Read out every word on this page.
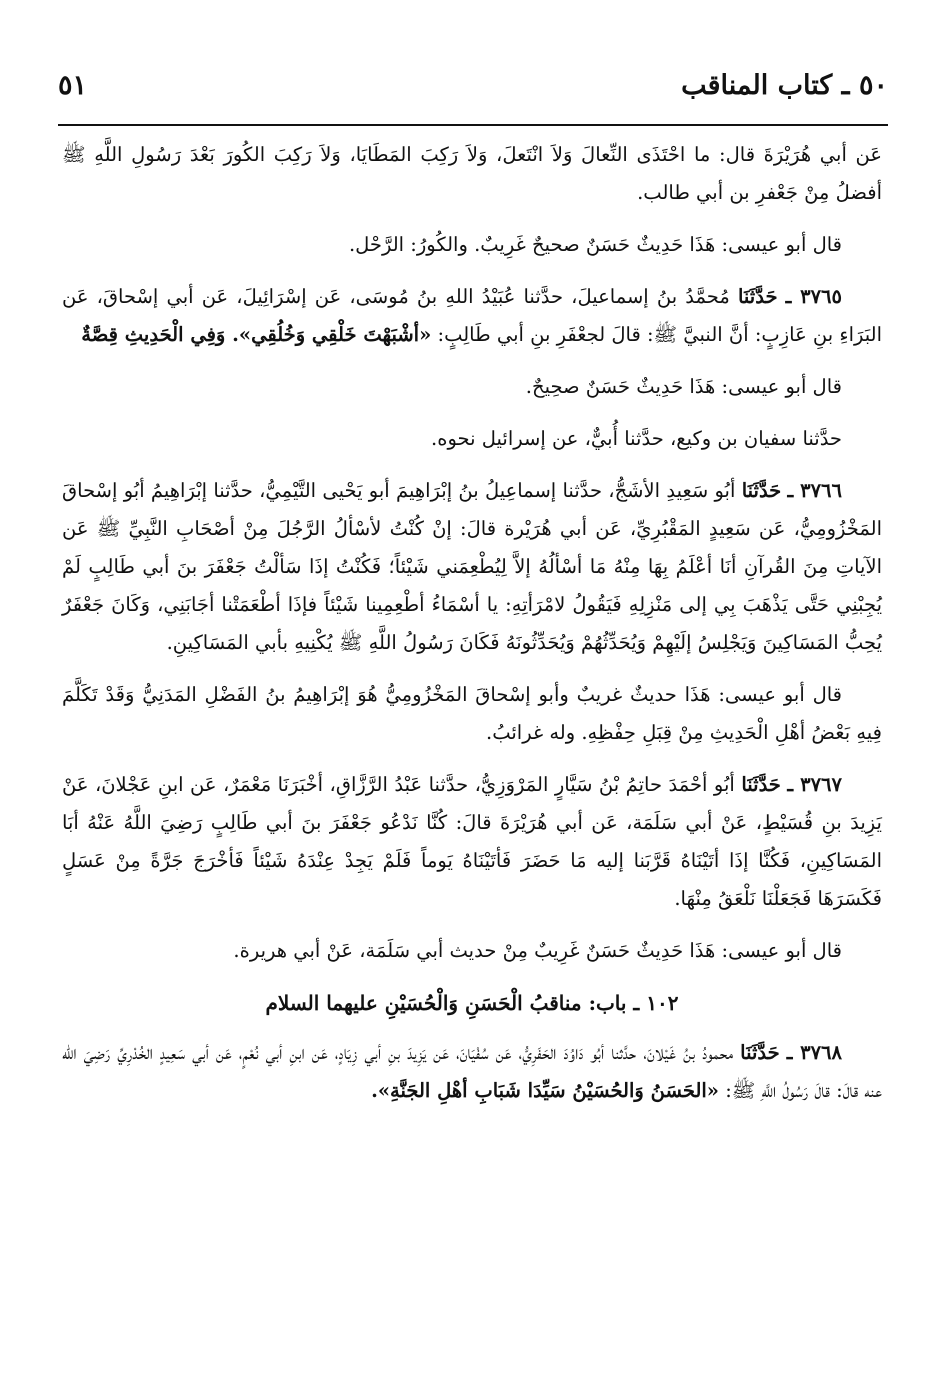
٥٠ ـ كتاب المناقب
٥١

عَن أبي هُرَيْرَةَ قال: ما احْتَذَى النِّعالَ وَلاَ انْتَعلَ، وَلاَ رَكِبَ المَطَايَا، وَلاَ رَكِبَ الكُورَ بَعْدَ رَسُولِ اللَّهِ ﷺ أفضلُ مِنْ جَعْفرِ بن أبي طالب.

قال أبو عيسى: هَذَا حَدِيثٌ حَسَنٌ صحيحٌ غَرِيبٌ. والكُورُ: الرَّحْل.

٣٧٦٥ ـ حَدَّثَنَا مُحمَّدُ بنُ إسماعيلَ، حدَّثنا عُبَيْدُ اللهِ بنُ مُوسَى، عَن إسْرَائِيلَ، عَن أبي إسْحاقَ، عَن البَرَاءِ بنِ عَازِبٍ: أنَّ النبيَّ ﷺ: قالَ لجعْفَرِ بنِ أبي طَالِبٍ: «أشْبَهْتَ خَلْقِي وَخُلُقِي». وَفِي الْحَدِيثِ قِصَّةٌ

قال أبو عيسى: هَذَا حَدِيثٌ حَسَنٌ صحِيحٌ.

حدَّثنا سفيان بن وكيع، حدَّثنا أُبيٌّ، عن إسرائيل نحوه.

٣٧٦٦ ـ حَدَّثَنَا أبُو سَعِيدِ الأشَجُّ، حدَّثنا إسماعِيلُ بنُ إبْرَاهِيمَ أبو يَحْيى التَّيْمِيُّ، حدَّثنا إبْرَاهِيمُ أبُو إسْحاقَ المَخْزُومِيُّ، عَن سَعِيدٍ المَقْبُرِيِّ، عَن أبي هُرَيْرة قالَ: إنْ كُنْتُ لأسْألُ الرَّجُلَ مِنْ أصْحَابِ النَّبِيِّ ﷺ عَن الآياتِ مِنَ القُرآنِ أنَا أعْلَمُ بِهَا مِنْهُ مَا أسْألُهُ إلاَّ لِيُطْعِمَني شَيْئاً؛ فَكُنْتُ إذَا سَألْتُ جَعْفَرَ بنَ أبي طَالِبٍ لَمْ يُجِبْنِي حَتَّى يَذْهَبَ بِي إلى مَنْزِلِهِ فَيَقُولُ لامْرَأتِهِ: يا أسْمَاءُ أطْعِمِينا شَيْئاً فإذَا أطْعَمَتْنا أجَابَنِي، وَكَانَ جَعْفَرٌ يُحِبُّ المَسَاكِينَ وَيَجْلِسُ إلَيْهِمْ وَيُحَدِّثُهُمْ وَيُحَدِّثُونَهُ فَكَانَ رَسُولُ اللَّهِ ﷺ يُكْنِيهِ بأبي المَسَاكِينِ.

قال أبو عيسى: هَذَا حديثٌ غريبٌ وأبو إسْحاقَ المَخْزُومِيُّ هُوَ إبْرَاهِيمُ بنُ الفَضْلِ المَدَنِيُّ وَقَدْ تَكَلَّمَ فِيهِ بَعْضُ أهْلِ الْحَدِيثِ مِنْ قِبَلِ حِفْظِهِ. وله غرائبُ.

٣٧٦٧ ـ حَدَّثَنَا أبُو أحْمَدَ حاتِمُ بْنُ سَيَّارٍ المَرْوَزِيُّ، حدَّثنا عَبْدُ الرَّزَّاقِ، أخْبَرَنَا مَعْمَرٌ، عَن ابنِ عَجْلانَ، عَنْ يَزِيدَ بنِ قُسَيْطٍ، عَنْ أبي سَلَمَة، عَن أبي هُرَيْرَةَ قالَ: كُنَّا نَدْعُو جَعْفَرَ بنَ أبي طَالِبٍ رَضِيَ اللَّهُ عَنْهُ أبَا المَسَاكِينِ، فَكُنَّا إذَا أتَيْنَاهُ قَرَّبَنا إليه مَا حَضَرَ فَأتَيْنَاهُ يَوماً فَلَمْ يَجِدْ عِنْدَهُ شَيْئاً فَأخْرَجَ جَرَّةً مِنْ عَسَلٍ فَكَسَرَهَا فَجَعَلْنَا نَلْعَقُ مِنْهَا.

قال أبو عيسى: هَذَا حَدِيثٌ حَسَنٌ غَرِيبٌ مِنْ حديث أبي سَلَمَة، عَنْ أبي هريرة.

١٠٢ ـ باب: مناقبُ الْحَسَنِ وَالْحُسَيْنِ عليهما السلام

٣٧٦٨ ـ حَدَّثَنَا محمودُ بنُ غَيْلانَ، حدَّثنا أبُو دَاوُدَ الحَفَرِيُّ، عَن سُفْيَانَ، عَن يَزِيدَ بنِ أبي زِيَادٍ، عَن ابنِ أبي نُعْمٍ، عَن أبي سَعِيدٍ الخُدْرِيِّ رَضِيَ الله عنه قالَ: قالَ رَسُولُ اللَّهِ ﷺ: «الحَسَنُ وَالحُسَيْنُ سَيِّدَا شَبَابِ أهْلِ الجَنَّةِ».
